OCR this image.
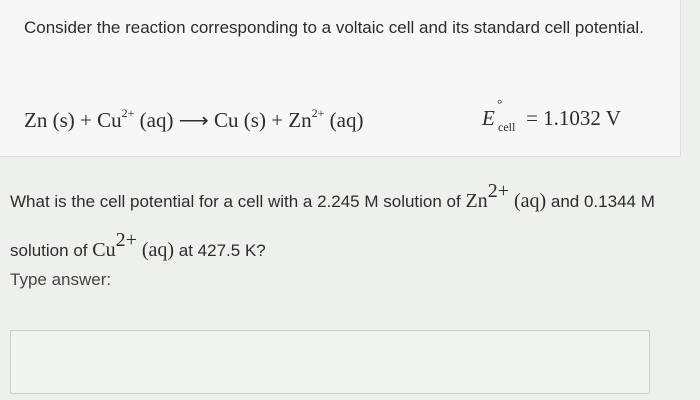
Consider the reaction corresponding to a voltaic cell and its standard cell potential.
Zn $(s) + Cu^{2+}$ (aq) ⟶ Cu $(s) + Zn^{2+}$ (aq)	E
°
cell = 1.1032 V
What is the cell potential for a cell with a 2.245 M solution of $Zn^{2+}$ (aq) and 0.1344 M solution of $Cu^{2+}$ (aq) at 427.5 K?
Type answer:
